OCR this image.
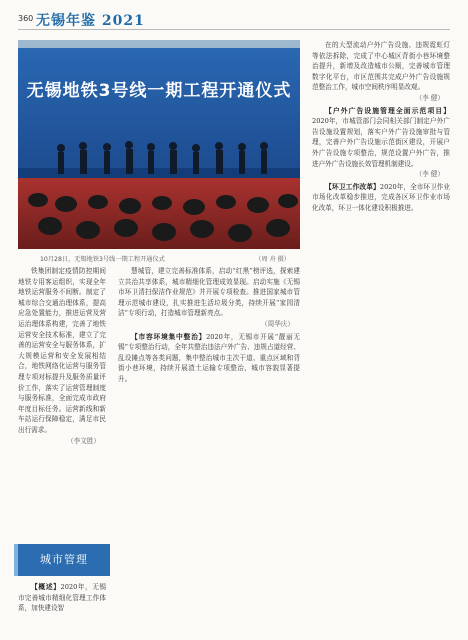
360 无锡年鉴 2021
无锡地铁3号线一期工程开通仪式
10月28日，无锡地铁3号线一期工程开通仪式	（周 舟 摄）

铁集团制定疫情防控期间地铁专用客运组织，实现全年地铁运营服务不间断。制定了城市综合交通治理体系，提高应急处置能力，推进运营及营运治理体系构建，完善了地铁运营安全技术标准，建立了完善的运营安全与服务体系，扩大规模运营和安全发展相结合，地铁网络化运营与服务管理专项对标提升及服务质量评价工作，落实了运营管理制度与服务标准，全面完成市政府年度目标任务。运营新线和新车站运行保障稳定，满足市民出行需求。

（李文胜）
城市管理

【概述】2020年，无锡市完善城市精细化管理工作体系，加快建设智

慧城管，建立完善标准体系，启动“红黑”榜评选，探索建立共治共享体系，城市精细化管理成效显现。启动实施《无锡市环卫清扫保洁作业规范》并开展专项检查。推进国家城市管理示范城市建设，扎实推进生活垃圾分类，持续开展“家园清洁”专项行动，打造城市管理新亮点。

（周华庆）

【市容环境集中整治】2020年，无锡市开展“靓丽无锡”专项整治行动，全年共整治违法户外广告、违规占道经营、乱设摊点等各类问题，集中整治城市主次干道、重点区域和背街小巷环境，持续开展渣土运输专项整治，城市容貌显著提升。

在的大型流动户外广告设施、违规霓虹灯等依法拆除，完成了中心城区背街小巷环境整治提升，新增及改造城市公厕，完善城市管理数字化平台，市区范围共完成户外广告设施规范整治工作，城市空间秩序明显改观。

（李 健）

【户外广告设施管理全面示范项目】2020年，市城管部门会同相关部门制定户外广告设施设置规划，落实户外广告设施审批与管理，完善户外广告设施示范街区建设，开展户外广告设施专项整治，规范设置户外广告，推进户外广告设施长效管理机制建设。

（李 健）

【环卫工作改革】2020年，全市环卫作业市场化改革稳步推进，完成各区环卫作业市场化改革，环卫一体化建设积极推进。
